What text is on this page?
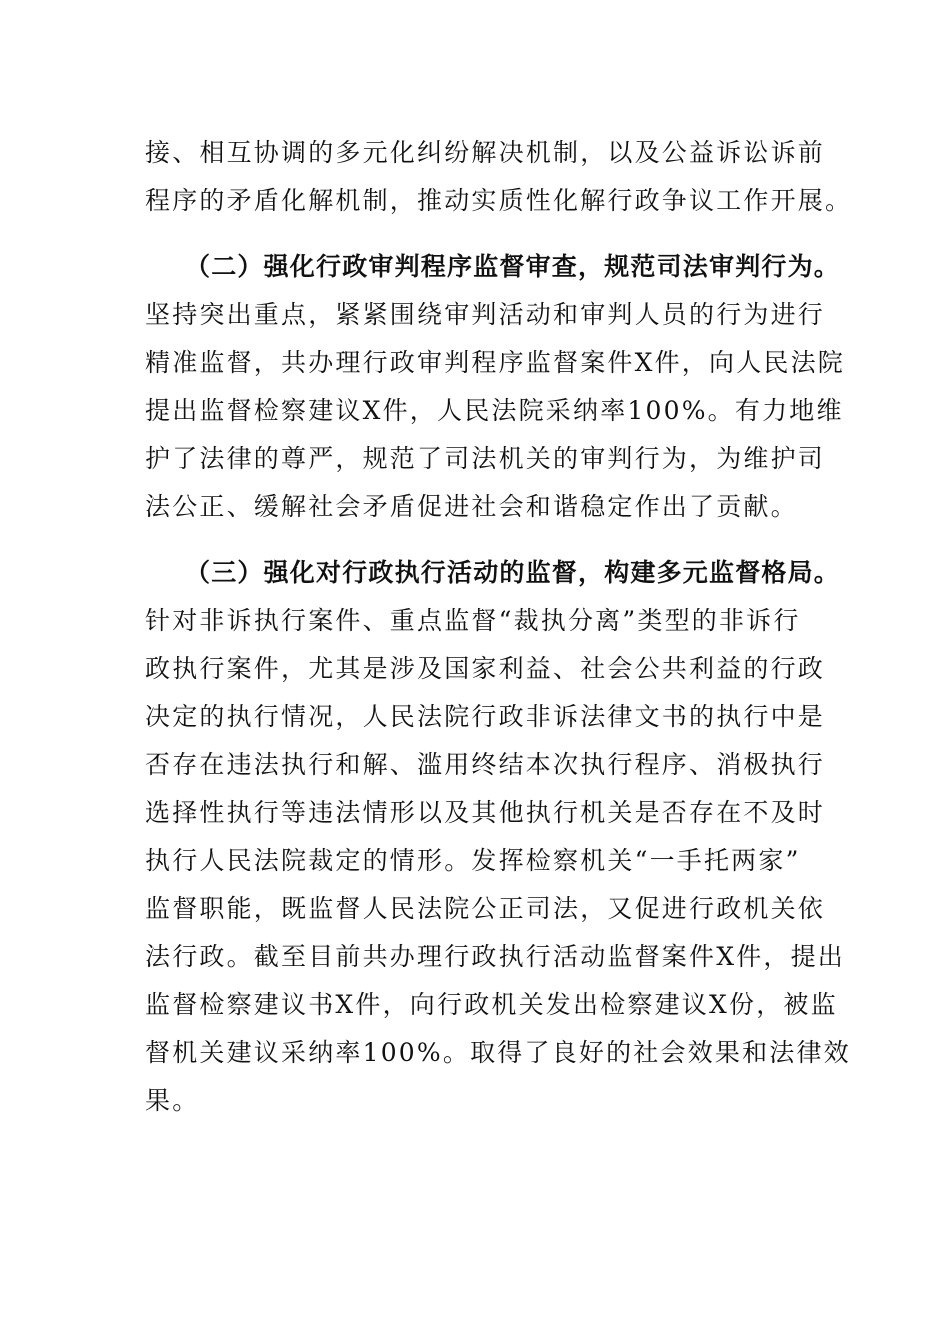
接、相互协调的多元化纠纷解决机制，以及公益诉讼诉前
程序的矛盾化解机制，推动实质性化解行政争议工作开展。
（二）强化行政审判程序监督审查，规范司法审判行为。
坚持突出重点，紧紧围绕审判活动和审判人员的行为进行
精准监督，共办理行政审判程序监督案件X件，向人民法院
提出监督检察建议X件，人民法院采纳率100%。有力地维
护了法律的尊严，规范了司法机关的审判行为，为维护司
法公正、缓解社会矛盾促进社会和谐稳定作出了贡献。
（三）强化对行政执行活动的监督，构建多元监督格局。
针对非诉执行案件、重点监督“裁执分离”类型的非诉行
政执行案件，尤其是涉及国家利益、社会公共利益的行政
决定的执行情况，人民法院行政非诉法律文书的执行中是
否存在违法执行和解、滥用终结本次执行程序、消极执行
选择性执行等违法情形以及其他执行机关是否存在不及时
执行人民法院裁定的情形。发挥检察机关“一手托两家”
监督职能，既监督人民法院公正司法，又促进行政机关依
法行政。截至目前共办理行政执行活动监督案件X件，提出
监督检察建议书X件，向行政机关发出检察建议X份，被监
督机关建议采纳率100%。取得了良好的社会效果和法律效
果。
